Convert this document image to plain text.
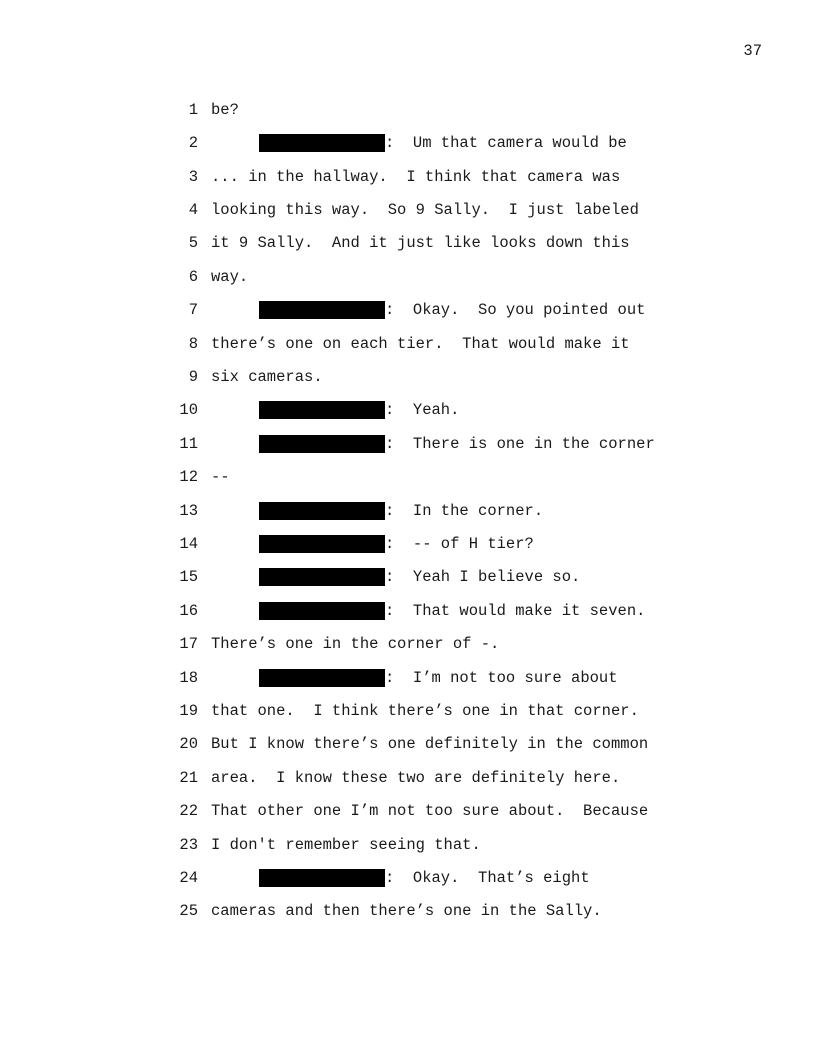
37
1 be?
2	:  Um that camera would be
3 ... in the hallway.  I think that camera was
4 looking this way.  So 9 Sally.  I just labeled
5 it 9 Sally.  And it just like looks down this
6 way.
7	:  Okay.  So you pointed out
8 there’s one on each tier.  That would make it
9 six cameras.
10	:  Yeah.
11	:  There is one in the corner
12 --
13	:  In the corner.
14	:  -- of H tier?
15	:  Yeah I believe so.
16	:  That would make it seven.
17 There’s one in the corner of -.
18	:  I’m not too sure about
19 that one.  I think there’s one in that corner.
20 But I know there’s one definitely in the common
21 area.  I know these two are definitely here.
22 That other one I’m not too sure about.  Because
23 I don't remember seeing that.
24	:  Okay.  That’s eight
25 cameras and then there’s one in the Sally.
